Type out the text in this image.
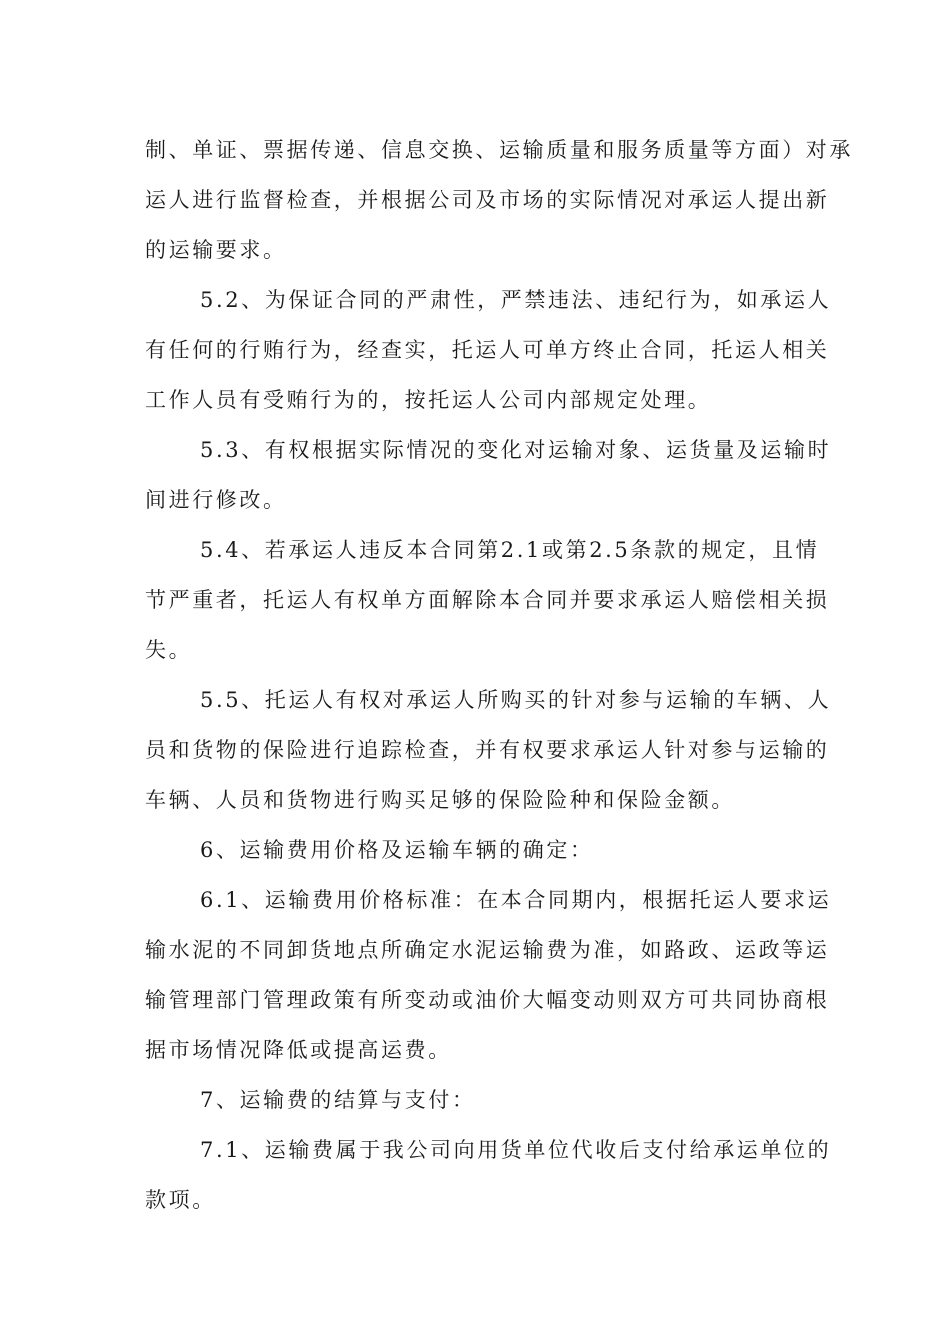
制、单证、票据传递、信息交换、运输质量和服务质量等方面）对承
运人进行监督检查，并根据公司及市场的实际情况对承运人提出新
的运输要求。
5.2、为保证合同的严肃性，严禁违法、违纪行为，如承运人
有任何的行贿行为，经查实，托运人可单方终止合同，托运人相关
工作人员有受贿行为的，按托运人公司内部规定处理。
5.3、有权根据实际情况的变化对运输对象、运货量及运输时
间进行修改。
5.4、若承运人违反本合同第2.1或第2.5条款的规定，且情
节严重者，托运人有权单方面解除本合同并要求承运人赔偿相关损
失。
5.5、托运人有权对承运人所购买的针对参与运输的车辆、人
员和货物的保险进行追踪检查，并有权要求承运人针对参与运输的
车辆、人员和货物进行购买足够的保险险种和保险金额。
6、运输费用价格及运输车辆的确定：
6.1、运输费用价格标准：在本合同期内，根据托运人要求运
输水泥的不同卸货地点所确定水泥运输费为准，如路政、运政等运
输管理部门管理政策有所变动或油价大幅变动则双方可共同协商根
据市场情况降低或提高运费。
7、运输费的结算与支付：
7.1、运输费属于我公司向用货单位代收后支付给承运单位的
款项。
